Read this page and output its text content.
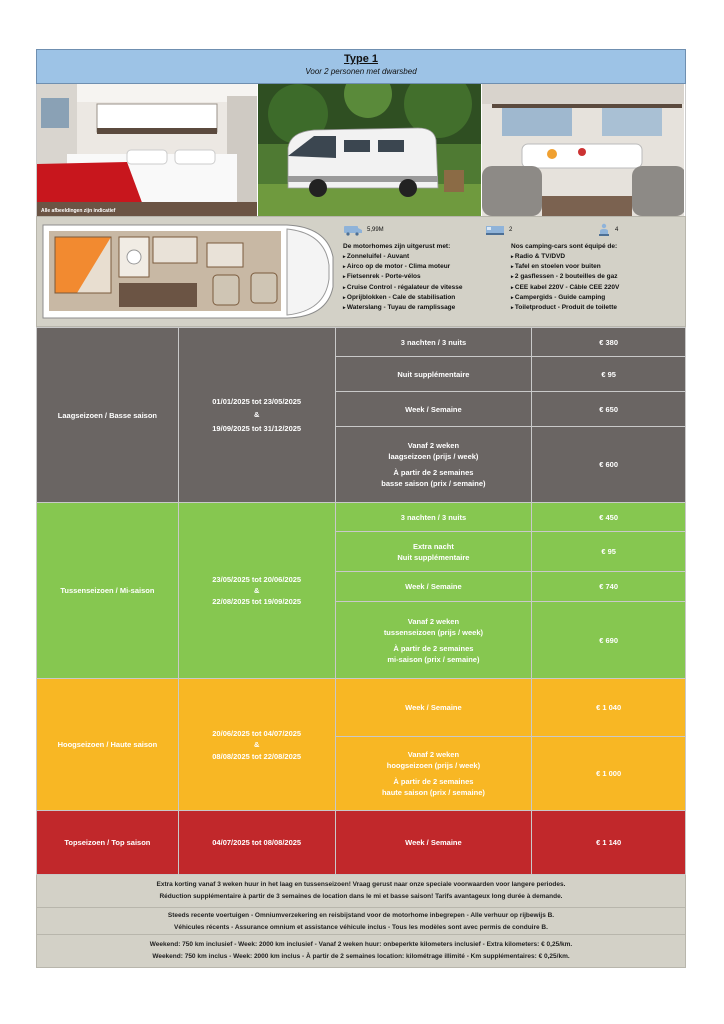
Type 1
Voor 2 personen met dwarsbed
Alle afbeeldingen zijn indicatief
5,99M	2	4
De motorhomes zijn uitgerust met:
▸ Zonneluifel - Auvant
▸ Airco op de motor - Clima moteur
▸ Fietsenrek - Porte-vélos
▸ Cruise Control - régalateur de vitesse
▸ Oprijblokken - Cale de stabilisation
▸ Waterslang - Tuyau de ramplissage
Nos camping-cars sont équipé de:
▸ Radio & TV/DVD
▸ Tafel en stoelen voor buiten
▸ 2 gasflessen - 2 bouteilles de gaz
▸ CEE kabel 220V - Câble CEE 220V
▸ Campergids - Guide camping
▸ Toiletproduct - Produit de toilette
Laagseizoen / Basse saison	01/01/2025 tot 23/05/2025
&
19/09/2025 tot 31/12/2025	3 nachten / 3 nuits	€ 380

		Nuit supplémentaire	€ 95

		Week / Semaine	€ 650

		Vanaf 2 weken
laagseizoen (prijs / week)
À partir de 2 semaines
basse saison (prix / semaine)	€ 600
Tussenseizoen / Mi-saison	23/05/2025 tot 20/06/2025
&
22/08/2025 tot 19/09/2025	3 nachten / 3 nuits	€ 450

		Extra nacht
Nuit supplémentaire	€ 95

		Week / Semaine	€ 740

		Vanaf 2 weken
tussenseizoen (prijs / week)
À partir de 2 semaines
mi-saison (prix / semaine)	€ 690
Hoogseizoen / Haute saison	20/06/2025 tot 04/07/2025
&
08/08/2025 tot 22/08/2025	Week / Semaine	€ 1 040

		Vanaf 2 weken
hoogseizoen (prijs / week)
À partir de 2 semaines
haute saison (prix / semaine)	€ 1 000
Topseizoen / Top saison	04/07/2025 tot 08/08/2025	Week / Semaine	€ 1 140
Extra korting vanaf 3 weken huur in het laag en tussenseizoen! Vraag gerust naar onze speciale voorwaarden voor langere periodes.
Réduction supplémentaire à partir de 3 semaines de location dans le mi et basse saison! Tarifs avantageux long durée à demande.
Steeds recente voertuigen - Omniumverzekering en reisbijstand voor de motorhome inbegrepen - Alle verhuur op rijbewijs B.
Véhicules récents - Assurance omnium et assistance véhicule inclus - Tous les modèles sont avec permis de conduire B.
Weekend: 750 km inclusief - Week: 2000 km inclusief - Vanaf 2 weken huur: onbeperkte kilometers inclusief - Extra kilometers: € 0,25/km.
Weekend: 750 km inclus - Week: 2000 km inclus - À partir de 2 semaines location: kilométrage illimité - Km supplémentaires: € 0,25/km.
